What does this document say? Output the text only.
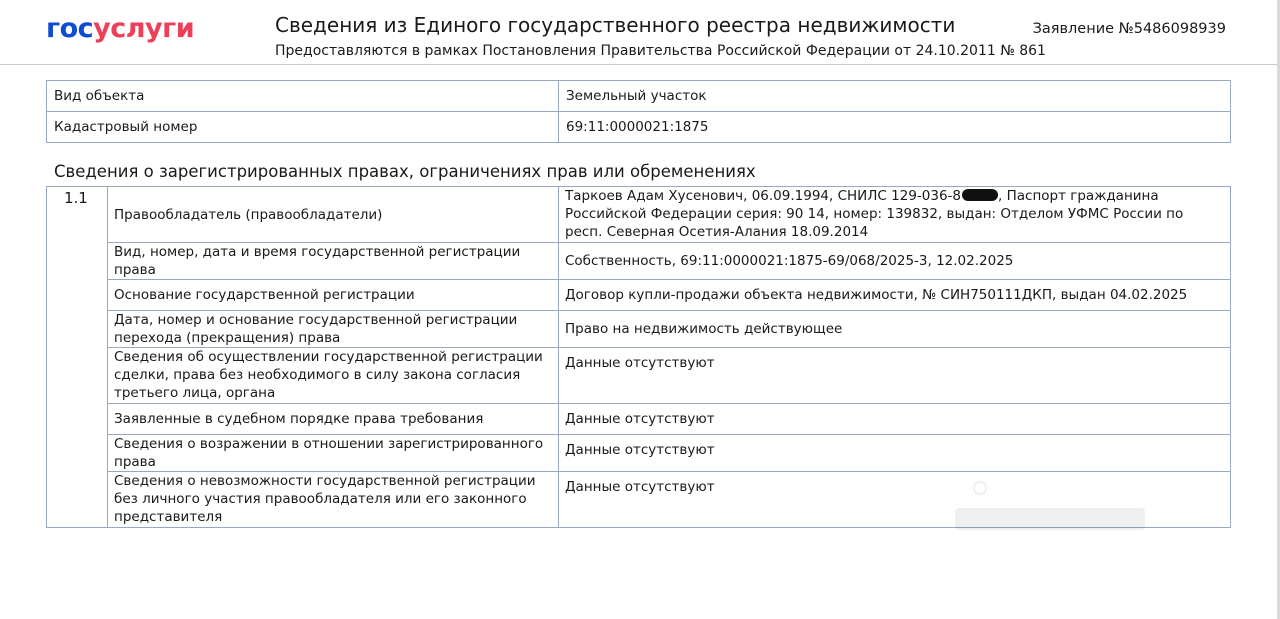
госуслуги	Сведения из Единого государственного реестра недвижимости
Предоставляются в рамках Постановления Правительства Российской Федерации от 24.10.2011 № 861
Заявление №5486098939
Вид объекта	Земельный участок
Кадастровый номер	69:11:0000021:1875
Сведения о зарегистрированных правах, ограничениях прав или обременениях
1.1	Правообладатель (правообладатели)	Таркоев Адам Хусенович, 06.09.1994, СНИЛС 129-036-8 , Паспорт гражданина Российской Федерации серия: 90 14, номер: 139832, выдан: Отделом УФМС России по респ. Северная Осетия-Алания 18.09.2014
	Вид, номер, дата и время государственной регистрации права	Собственность, 69:11:0000021:1875-69/068/2025-3, 12.02.2025
	Основание государственной регистрации	Договор купли-продажи объекта недвижимости, № СИН750111ДКП, выдан 04.02.2025
	Дата, номер и основание государственной регистрации перехода (прекращения) права	Право на недвижимость действующее
	Сведения об осуществлении государственной регистрации сделки, права без необходимого в силу закона согласия третьего лица, органа	Данные отсутствуют
	Заявленные в судебном порядке права требования	Данные отсутствуют
	Сведения о возражении в отношении зарегистрированного права	Данные отсутствуют
	Сведения о невозможности государственной регистрации без личного участия правообладателя или его законного представителя	Данные отсутствуют
